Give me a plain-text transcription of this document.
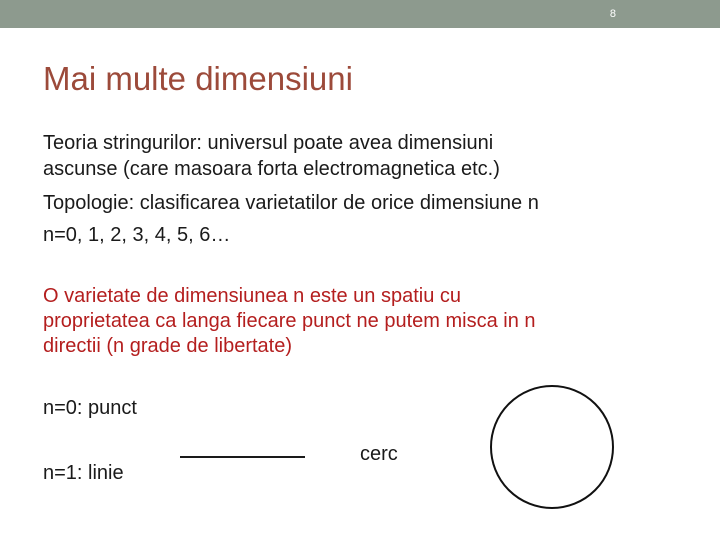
8
Mai multe dimensiuni
Teoria stringurilor: universul poate avea dimensiuni
ascunse (care masoara forta electromagnetica etc.)
Topologie: clasificarea varietatilor de orice dimensiune n
n=0, 1, 2, 3, 4, 5, 6…
O varietate de dimensiunea n este un spatiu cu
proprietatea ca langa fiecare punct ne putem misca in n
directii (n grade de libertate)
n=0: punct
n=1: linie
cerc
